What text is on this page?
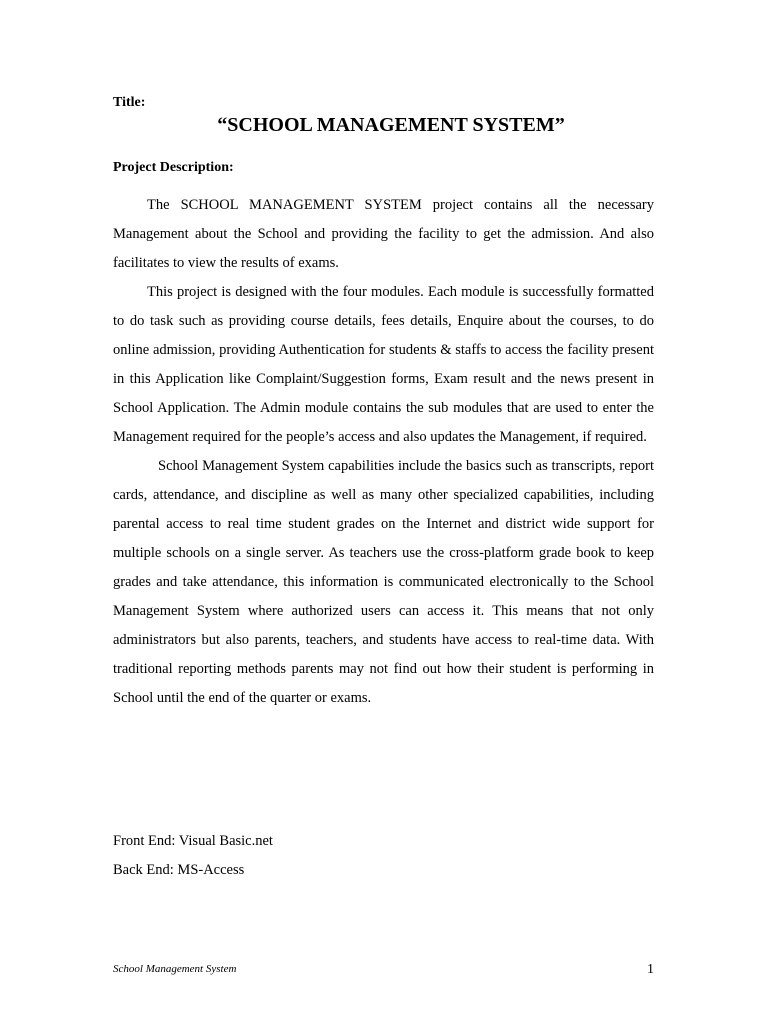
Title:
“SCHOOL MANAGEMENT SYSTEM”
Project Description:

The SCHOOL MANAGEMENT SYSTEM project contains all the necessary Management about the School and providing the facility to get the admission. And also facilitates to view the results of exams.

This project is designed with the four modules. Each module is successfully formatted to do task such as providing course details, fees details, Enquire about the courses, to do online admission, providing Authentication for students & staffs to access the facility present in this Application like Complaint/Suggestion forms, Exam result and the news present in School Application. The Admin module contains the sub modules that are used to enter the Management required for the people’s access and also updates the Management, if required.

School Management System capabilities include the basics such as transcripts, report cards, attendance, and discipline as well as many other specialized capabilities, including parental access to real time student grades on the Internet and district wide support for multiple schools on a single server. As teachers use the cross-platform grade book to keep grades and take attendance, this information is communicated electronically to the School Management System where authorized users can access it. This means that not only administrators but also parents, teachers, and students have access to real-time data. With traditional reporting methods parents may not find out how their student is performing in School until the end of the quarter or exams.

Front End: Visual Basic.net
Back End: MS-Access
School Management System	1
